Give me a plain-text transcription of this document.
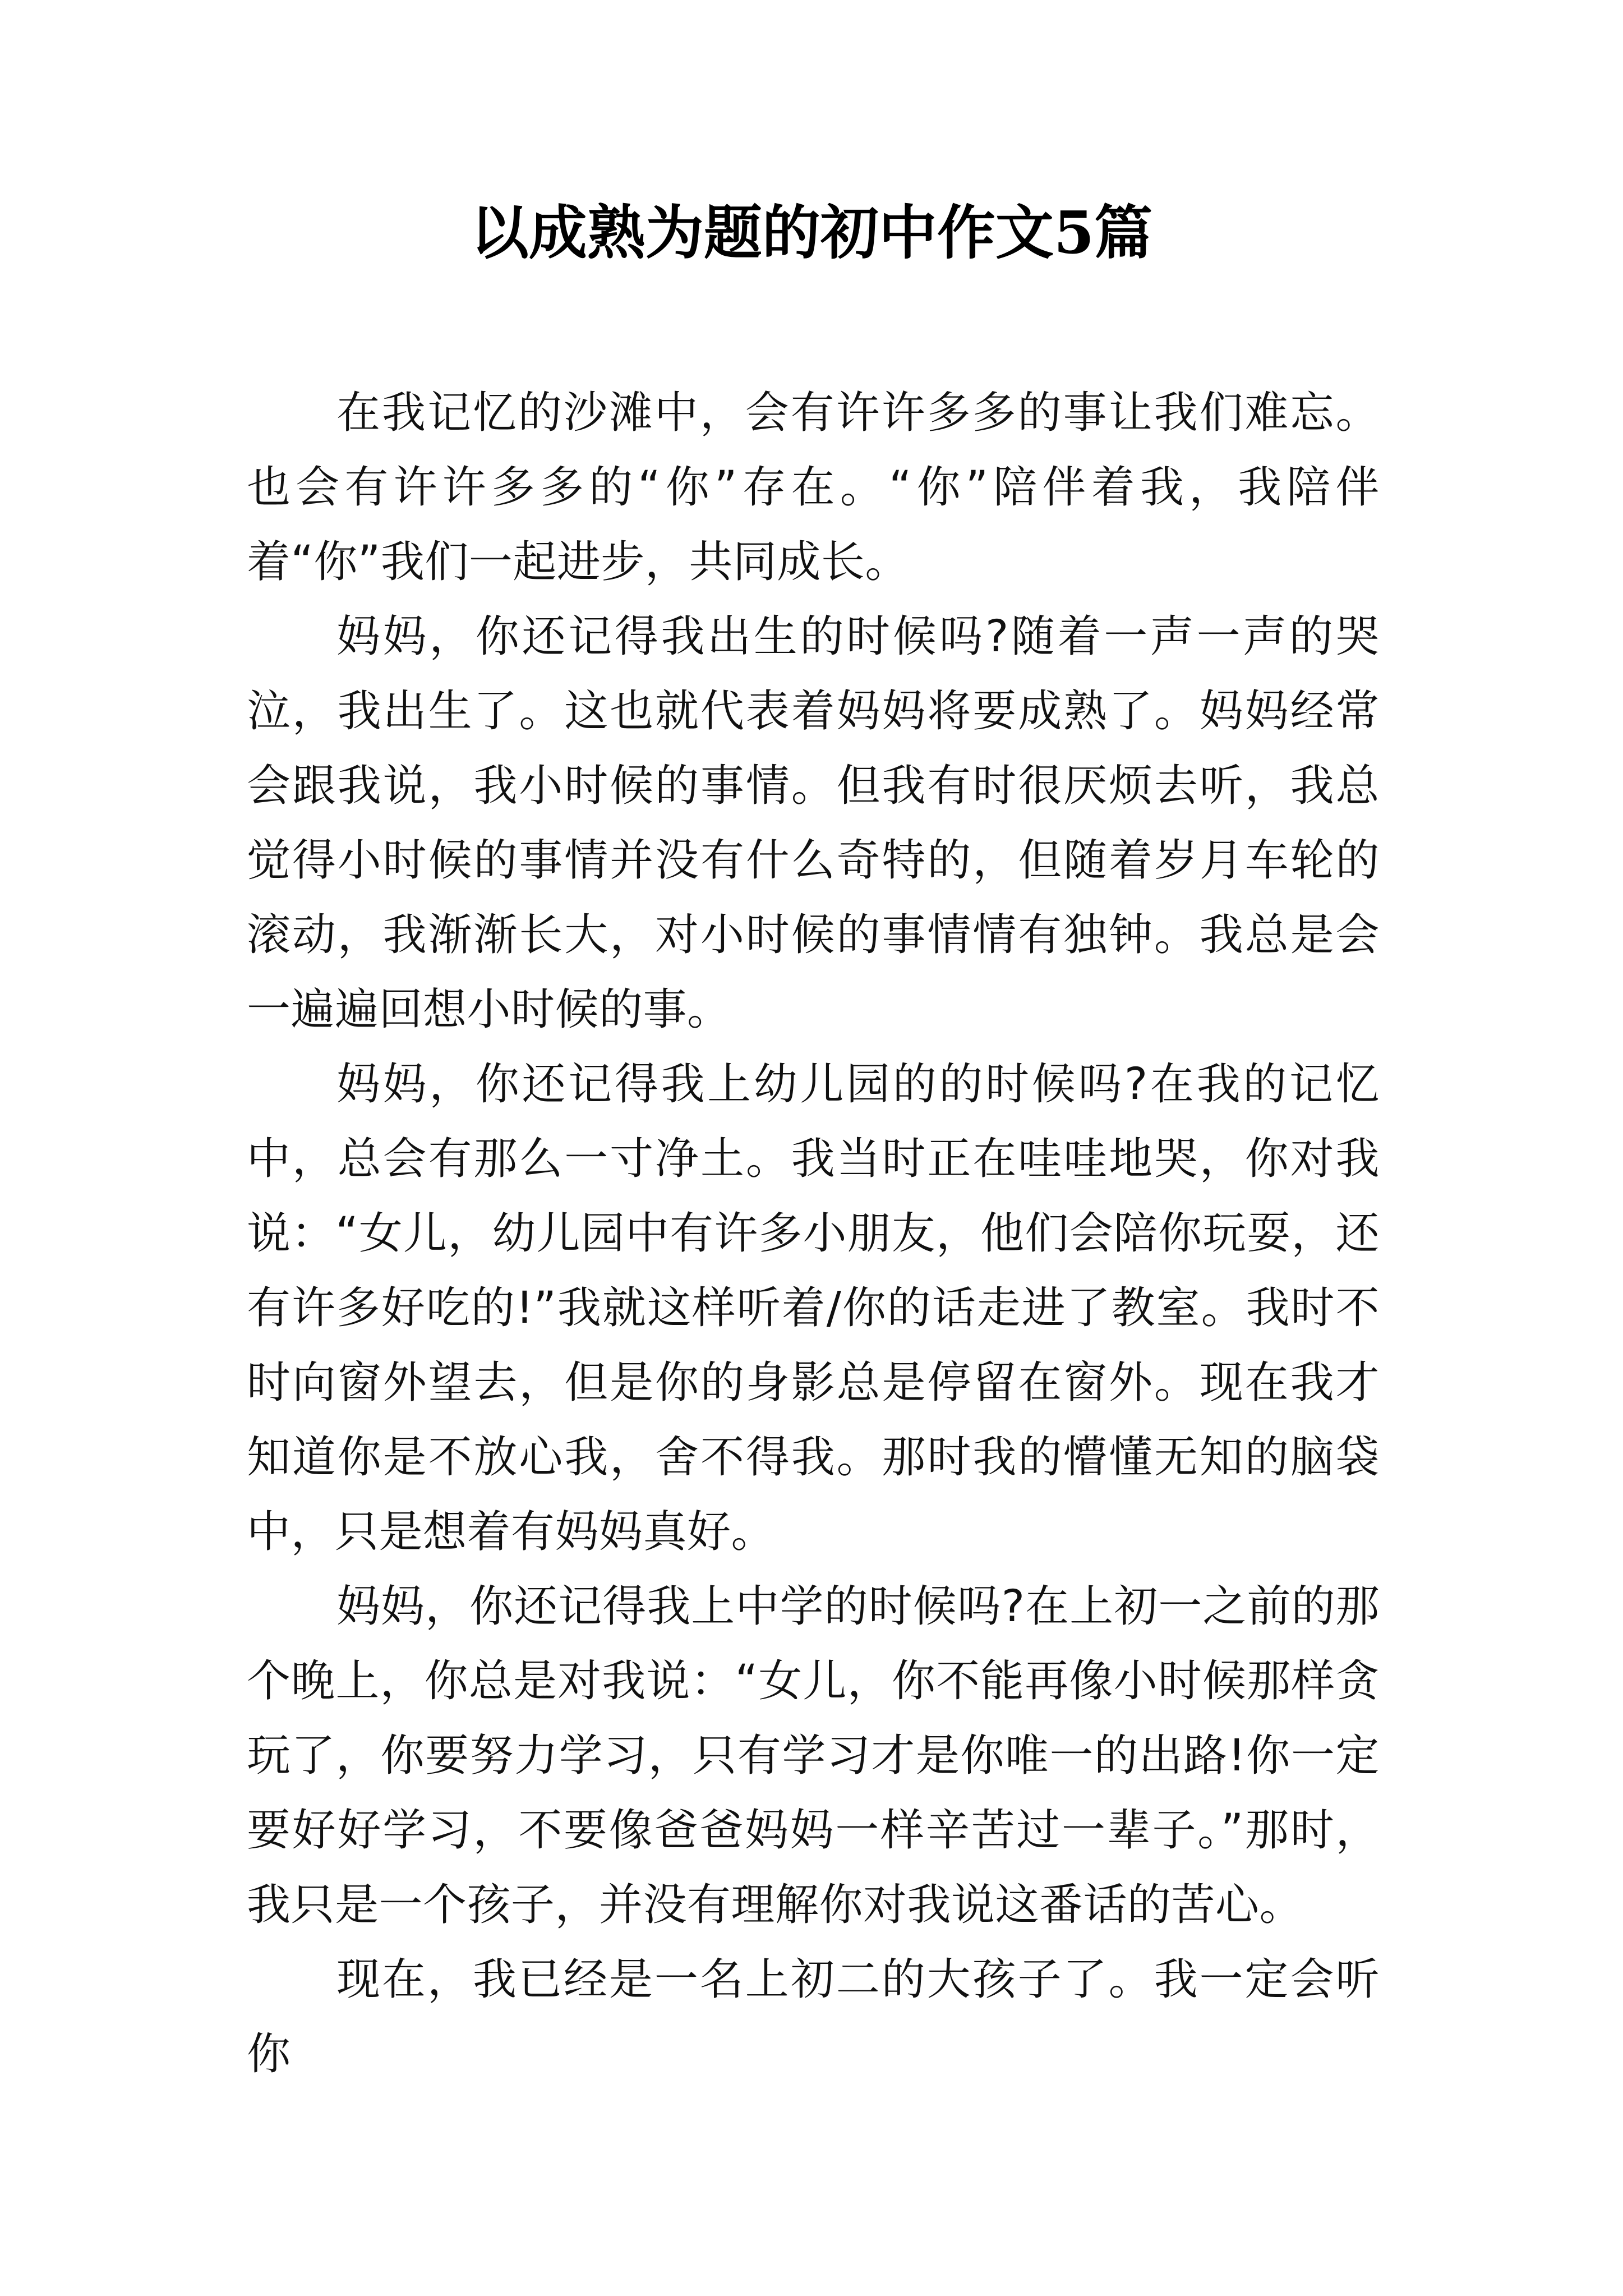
以成熟为题的初中作文5篇

在我记忆的沙滩中，会有许许多多的事让我们难忘。也会有许许多多的“你”存在。“你”陪伴着我，我陪伴着“你”我们一起进步，共同成长。

妈妈，你还记得我出生的时候吗?随着一声一声的哭泣，我出生了。这也就代表着妈妈将要成熟了。妈妈经常会跟我说，我小时候的事情。但我有时很厌烦去听，我总觉得小时候的事情并没有什么奇特的，但随着岁月车轮的滚动，我渐渐长大，对小时候的事情情有独钟。我总是会一遍遍回想小时候的事。

妈妈，你还记得我上幼儿园的的时候吗?在我的记忆中，总会有那么一寸净土。我当时正在哇哇地哭，你对我说：“女儿，幼儿园中有许多小朋友，他们会陪你玩耍，还有许多好吃的!”我就这样听着/你的话走进了教室。我时不时向窗外望去，但是你的身影总是停留在窗外。现在我才知道你是不放心我，舍不得我。那时我的懵懂无知的脑袋中，只是想着有妈妈真好。

妈妈，你还记得我上中学的时候吗?在上初一之前的那个晚上，你总是对我说：“女儿，你不能再像小时候那样贪玩了，你要努力学习，只有学习才是你唯一的出路!你一定要好好学习，不要像爸爸妈妈一样辛苦过一辈子。”那时，我只是一个孩子，并没有理解你对我说这番话的苦心。

现在，我已经是一名上初二的大孩子了。我一定会听你
